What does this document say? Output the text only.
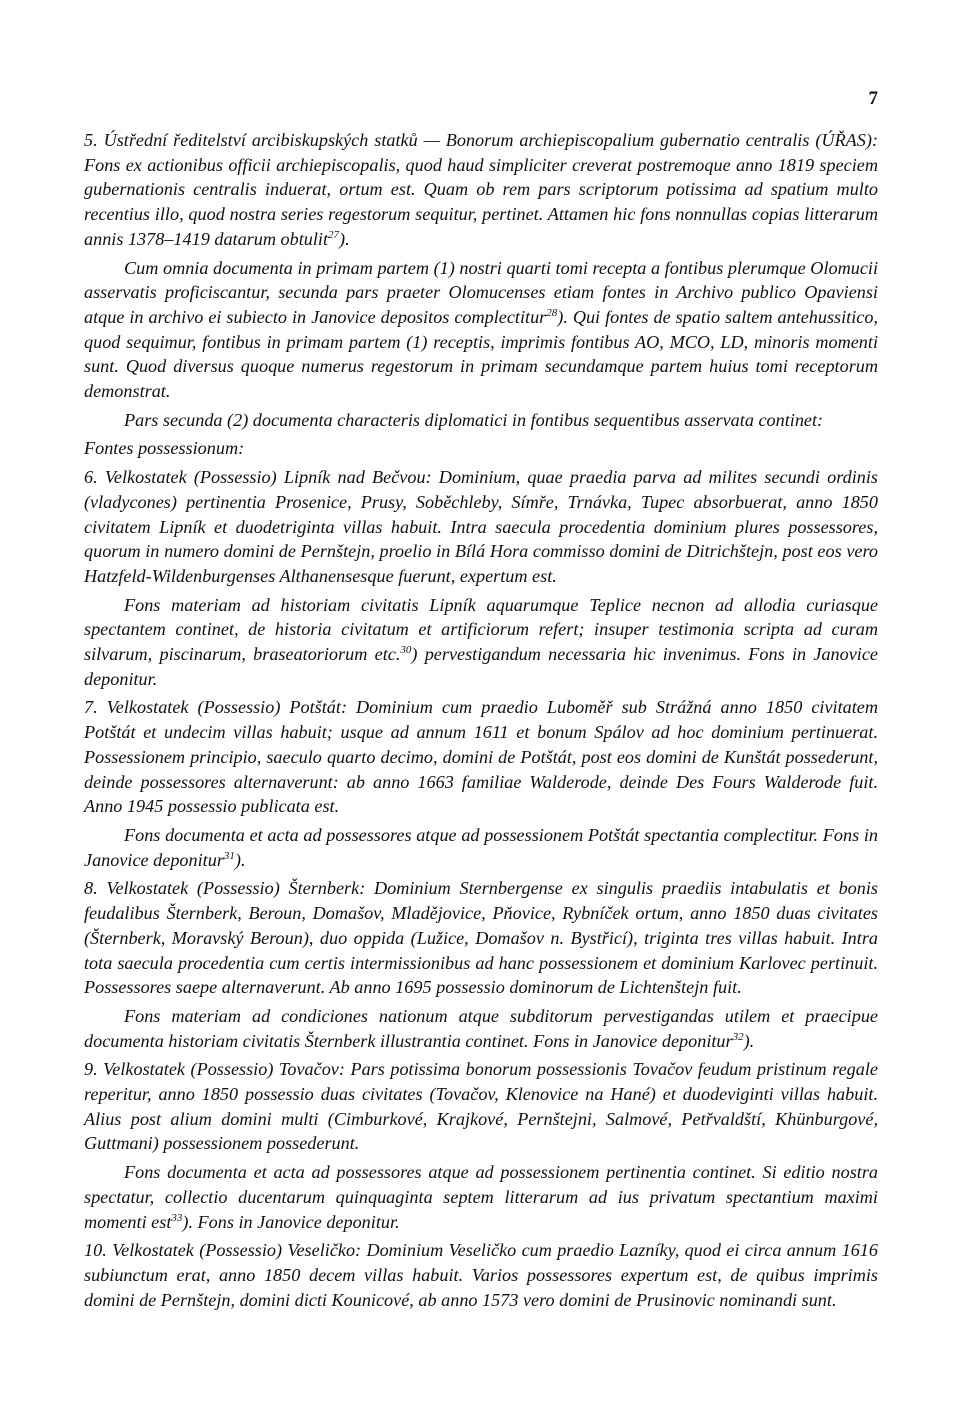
7

5. Ústřední ředitelství arcibiskupských statků — Bonorum archiepiscopalium gubernatio centralis (ÚŘAS): Fons ex actionibus officii archiepiscopalis, quod haud simpliciter creverat postremoque anno 1819 speciem gubernationis centralis induerat, ortum est. Quam ob rem pars scriptorum potissima ad spatium multo recentius illo, quod nostra series regestorum sequitur, pertinet. Attamen hic fons nonnullas copias litterarum annis 1378–1419 datarum obtulit$^{27}$).

Cum omnia documenta in primam partem (1) nostri quarti tomi recepta a fontibus plerumque Olomucii asservatis proficiscantur, secunda pars praeter Olomucenses etiam fontes in Archivo publico Opaviensi atque in archivo ei subiecto in Janovice depositos complectitur$^{28}$). Qui fontes de spatio saltem antehussitico, quod sequimur, fontibus in primam partem (1) receptis, imprimis fontibus AO, MCO, LD, minoris momenti sunt. Quod diversus quoque numerus regestorum in primam secundamque partem huius tomi receptorum demonstrat.

Pars secunda (2) documenta characteris diplomatici in fontibus sequentibus asservata continet:

Fontes possessionum:

6. Velkostatek (Possessio) Lipník nad Bečvou: Dominium, quae praedia parva ad milites secundi ordinis (vladycones) pertinentia Prosenice, Prusy, Soběchleby, Símře, Trnávka, Tupec absorbuerat, anno 1850 civitatem Lipník et duodetriginta villas habuit. Intra saecula procedentia dominium plures possessores, quorum in numero domini de Pernštejn, proelio in Bílá Hora commisso domini de Ditrichštejn, post eos vero Hatzfeld-Wildenburgenses Althanensesque fuerunt, expertum est.

Fons materiam ad historiam civitatis Lipník aquarumque Teplice necnon ad allodia curiasque spectantem continet, de historia civitatum et artificiorum refert; insuper testimonia scripta ad curam silvarum, piscinarum, braseatoriorum etc.$^{30}$) pervestigandum necessaria hic invenimus. Fons in Janovice deponitur.

7. Velkostatek (Possessio) Potštát: Dominium cum praedio Luboměř sub Strážná anno 1850 civitatem Potštát et undecim villas habuit; usque ad annum 1611 et bonum Spálov ad hoc dominium pertinuerat. Possessionem principio, saeculo quarto decimo, domini de Potštát, post eos domini de Kunštát possederunt, deinde possessores alternaverunt: ab anno 1663 familiae Walderode, deinde Des Fours Walderode fuit. Anno 1945 possessio publicata est.

Fons documenta et acta ad possessores atque ad possessionem Potštát spectantia complectitur. Fons in Janovice deponitur$^{31}$).

8. Velkostatek (Possessio) Šternberk: Dominium Sternbergense ex singulis praediis intabulatis et bonis feudalibus Šternberk, Beroun, Domašov, Mladějovice, Pňovice, Rybníček ortum, anno 1850 duas civitates (Šternberk, Moravský Beroun), duo oppida (Lužice, Domašov n. Bystřicí), triginta tres villas habuit. Intra tota saecula procedentia cum certis intermissionibus ad hanc possessionem et dominium Karlovec pertinuit. Possessores saepe alternaverunt. Ab anno 1695 possessio dominorum de Lichtenštejn fuit.

Fons materiam ad condiciones nationum atque subditorum pervestigandas utilem et praecipue documenta historiam civitatis Šternberk illustrantia continet. Fons in Janovice deponitur$^{32}$).

9. Velkostatek (Possessio) Tovačov: Pars potissima bonorum possessionis Tovačov feudum pristinum regale reperitur, anno 1850 possessio duas civitates (Tovačov, Klenovice na Hané) et duodeviginti villas habuit. Alius post alium domini multi (Cimburkové, Krajkové, Pernštejni, Salmové, Petřvaldští, Khünburgové, Guttmani) possessionem possederunt.

Fons documenta et acta ad possessores atque ad possessionem pertinentia continet. Si editio nostra spectatur, collectio ducentarum quinquaginta septem litterarum ad ius privatum spectantium maximi momenti est$^{33}$). Fons in Janovice deponitur.

10. Velkostatek (Possessio) Veseličko: Dominium Veseličko cum praedio Lazníky, quod ei circa annum 1616 subiunctum erat, anno 1850 decem villas habuit. Varios possessores expertum est, de quibus imprimis domini de Pernštejn, domini dicti Kounicové, ab anno 1573 vero domini de Prusinovic nominandi sunt.
